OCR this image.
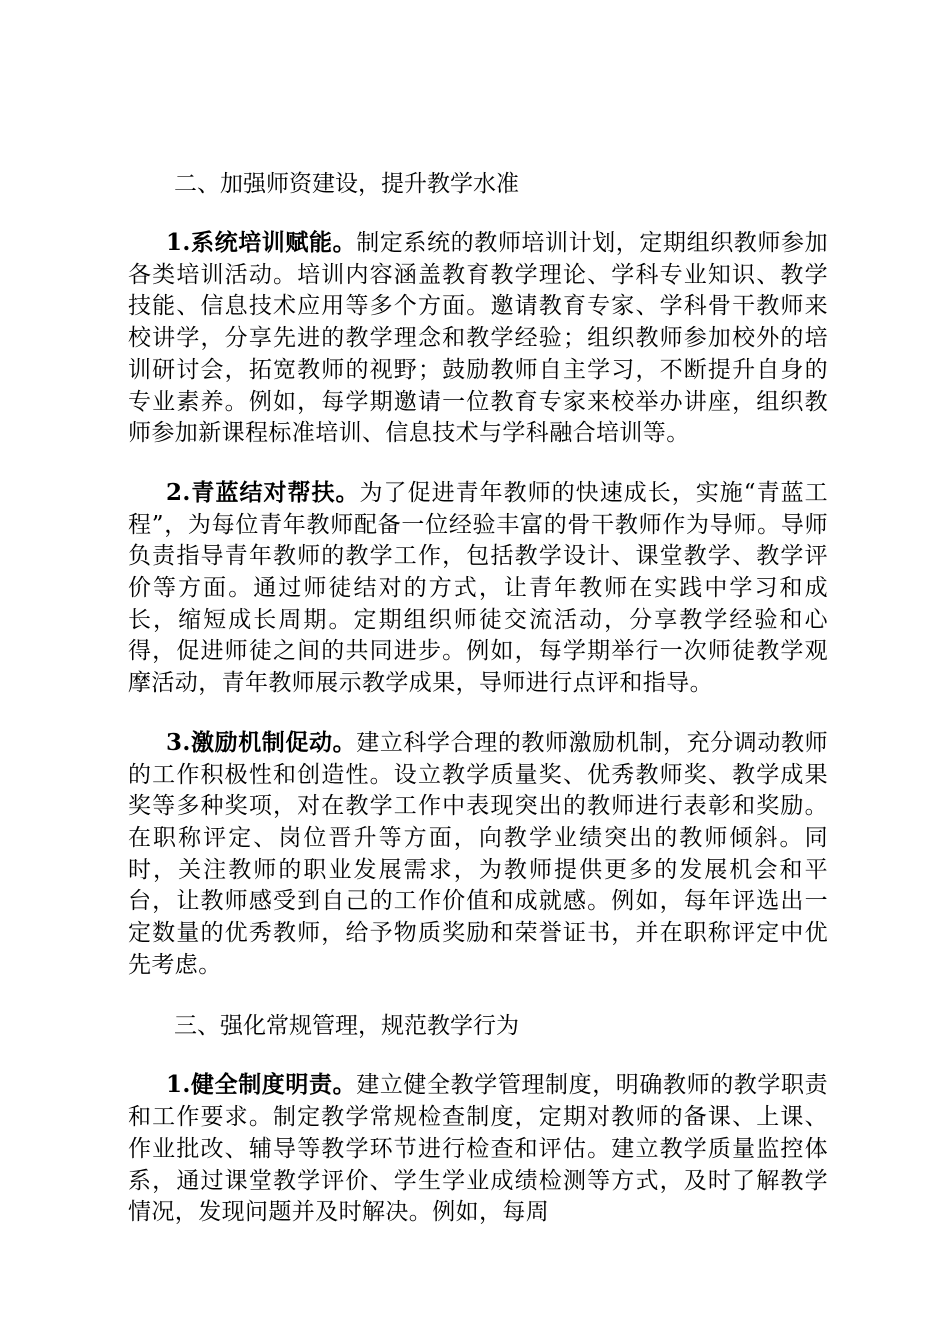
二、加强师资建设，提升教学水准

1.系统培训赋能。制定系统的教师培训计划，定期组织教师参加各类培训活动。培训内容涵盖教育教学理论、学科专业知识、教学技能、信息技术应用等多个方面。邀请教育专家、学科骨干教师来校讲学，分享先进的教学理念和教学经验；组织教师参加校外的培训研讨会，拓宽教师的视野；鼓励教师自主学习，不断提升自身的专业素养。例如，每学期邀请一位教育专家来校举办讲座，组织教师参加新课程标准培训、信息技术与学科融合培训等。

2.青蓝结对帮扶。为了促进青年教师的快速成长，实施“青蓝工程”，为每位青年教师配备一位经验丰富的骨干教师作为导师。导师负责指导青年教师的教学工作，包括教学设计、课堂教学、教学评价等方面。通过师徒结对的方式，让青年教师在实践中学习和成长，缩短成长周期。定期组织师徒交流活动，分享教学经验和心得，促进师徒之间的共同进步。例如，每学期举行一次师徒教学观摩活动，青年教师展示教学成果，导师进行点评和指导。

3.激励机制促动。建立科学合理的教师激励机制，充分调动教师的工作积极性和创造性。设立教学质量奖、优秀教师奖、教学成果奖等多种奖项，对在教学工作中表现突出的教师进行表彰和奖励。在职称评定、岗位晋升等方面，向教学业绩突出的教师倾斜。同时，关注教师的职业发展需求，为教师提供更多的发展机会和平台，让教师感受到自己的工作价值和成就感。例如，每年评选出一定数量的优秀教师，给予物质奖励和荣誉证书，并在职称评定中优先考虑。

三、强化常规管理，规范教学行为

1.健全制度明责。建立健全教学管理制度，明确教师的教学职责和工作要求。制定教学常规检查制度，定期对教师的备课、上课、作业批改、辅导等教学环节进行检查和评估。建立教学质量监控体系，通过课堂教学评价、学生学业成绩检测等方式，及时了解教学情况，发现问题并及时解决。例如，每周
